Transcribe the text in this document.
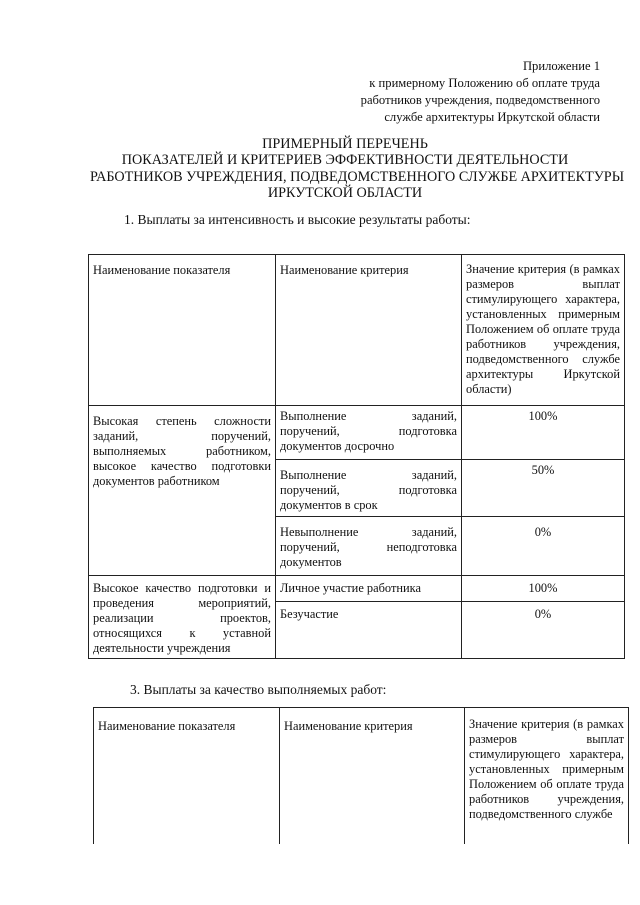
Приложение 1
к примерному Положению об оплате труда
работников учреждения, подведомственного
службе архитектуры Иркутской области
ПРИМЕРНЫЙ ПЕРЕЧЕНЬ
ПОКАЗАТЕЛЕЙ И КРИТЕРИЕВ ЭФФЕКТИВНОСТИ ДЕЯТЕЛЬНОСТИ
РАБОТНИКОВ УЧРЕЖДЕНИЯ, ПОДВЕДОМСТВЕННОГО СЛУЖБЕ АРХИТЕКТУРЫ
ИРКУТСКОЙ ОБЛАСТИ
1. Выплаты за интенсивность и высокие результаты работы:
Наименование показателя	Наименование критерия	Значение критерия (в рамках размеров выплат стимулирующего характера, установленных примерным Положением об оплате труда работников учреждения, подведомственного службе архитектуры Иркутской области)
Высокая степень сложности заданий, поручений, выполняемых работником, высокое качество подготовки документов работником	Выполнение заданий, поручений, подготовка документов досрочно	100%
	Выполнение заданий, поручений, подготовка документов в срок	50%
	Невыполнение заданий, поручений, неподготовка документов	0%
Высокое качество подготовки и проведения мероприятий, реализации проектов, относящихся к уставной деятельности учреждения	Личное участие работника	100%
	Безучастие	0%
3. Выплаты за качество выполняемых работ:
Наименование показателя	Наименование критерия	Значение критерия (в рамках размеров выплат стимулирующего характера, установленных примерным Положением об оплате труда работников учреждения, подведомственного службе
